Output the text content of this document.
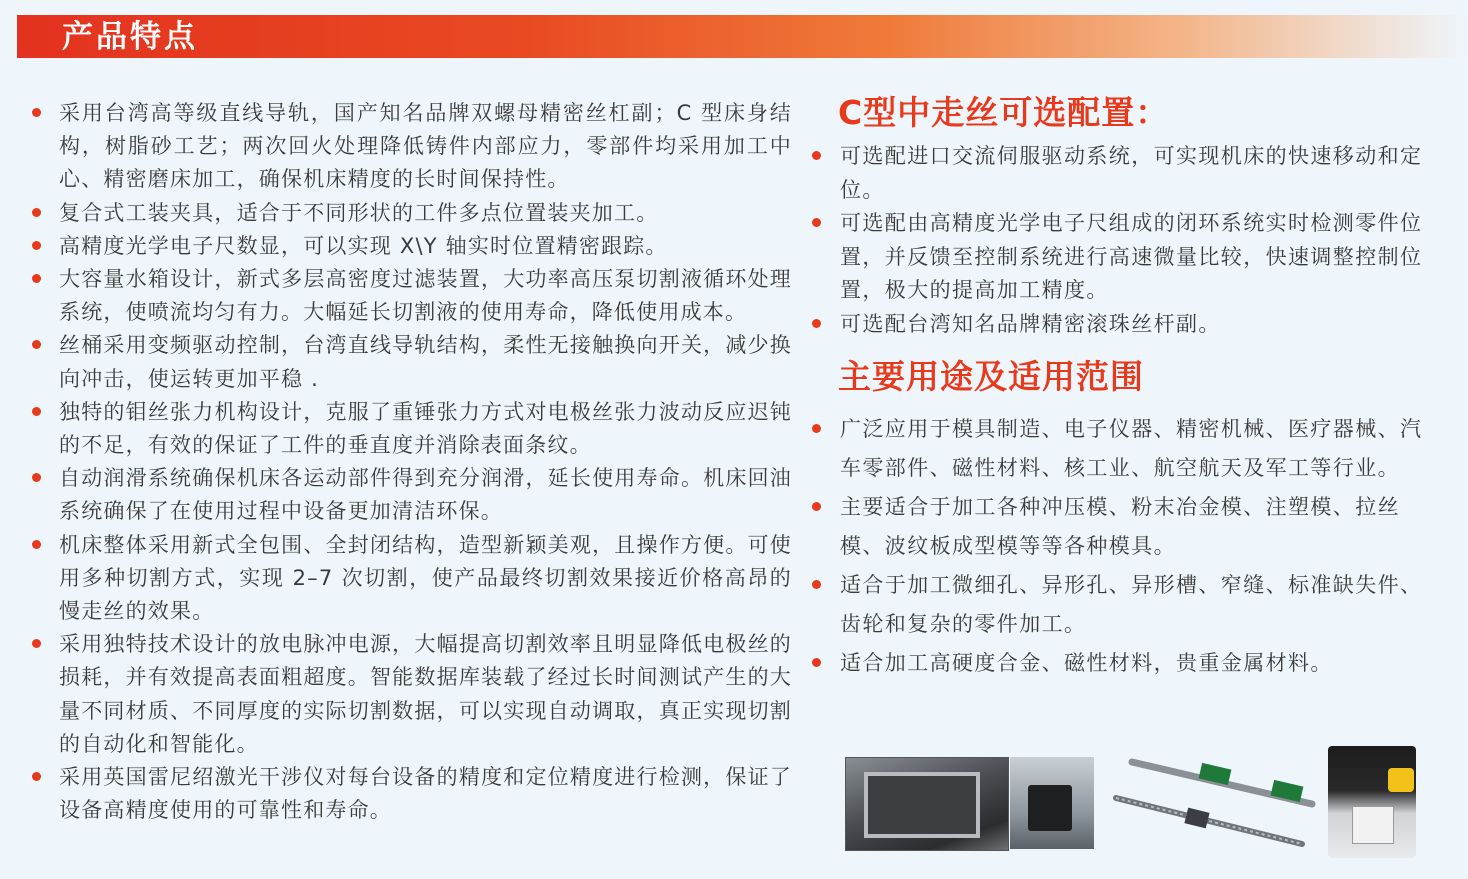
产品特点
采用台湾高等级直线导轨，国产知名品牌双螺母精密丝杠副；C 型床身结构，树脂砂工艺；两次回火处理降低铸件内部应力，零部件均采用加工中心、精密磨床加工，确保机床精度的长时间保持性。
复合式工装夹具，适合于不同形状的工件多点位置装夹加工。
高精度光学电子尺数显，可以实现 X\Y 轴实时位置精密跟踪。
大容量水箱设计，新式多层高密度过滤装置，大功率高压泵切割液循环处理系统，使喷流均匀有力。大幅延长切割液的使用寿命，降低使用成本。
丝桶采用变频驱动控制，台湾直线导轨结构，柔性无接触换向开关，减少换向冲击，使运转更加平稳 .
独特的钼丝张力机构设计，克服了重锤张力方式对电极丝张力波动反应迟钝的不足，有效的保证了工件的垂直度并消除表面条纹。
自动润滑系统确保机床各运动部件得到充分润滑，延长使用寿命。机床回油系统确保了在使用过程中设备更加清洁环保。
机床整体采用新式全包围、全封闭结构，造型新颖美观，且操作方便。可使用多种切割方式，实现 2–7 次切割，使产品最终切割效果接近价格高昂的慢走丝的效果。
采用独特技术设计的放电脉冲电源，大幅提高切割效率且明显降低电极丝的损耗，并有效提高表面粗超度。智能数据库装载了经过长时间测试产生的大量不同材质、不同厚度的实际切割数据，可以实现自动调取，真正实现切割的自动化和智能化。
采用英国雷尼绍激光干涉仪对每台设备的精度和定位精度进行检测，保证了设备高精度使用的可靠性和寿命。
C型中走丝可选配置：
可选配进口交流伺服驱动系统，可实现机床的快速移动和定位。
可选配由高精度光学电子尺组成的闭环系统实时检测零件位置，并反馈至控制系统进行高速微量比较，快速调整控制位置，极大的提高加工精度。
可选配台湾知名品牌精密滚珠丝杆副。
主要用途及适用范围
广泛应用于模具制造、电子仪器、精密机械、医疗器械、汽车零部件、磁性材料、核工业、航空航天及军工等行业。
主要适合于加工各种冲压模、粉末冶金模、注塑模、拉丝模、波纹板成型模等等各种模具。
适合于加工微细孔、异形孔、异形槽、窄缝、标准缺失件、齿轮和复杂的零件加工。
适合加工高硬度合金、磁性材料，贵重金属材料。
